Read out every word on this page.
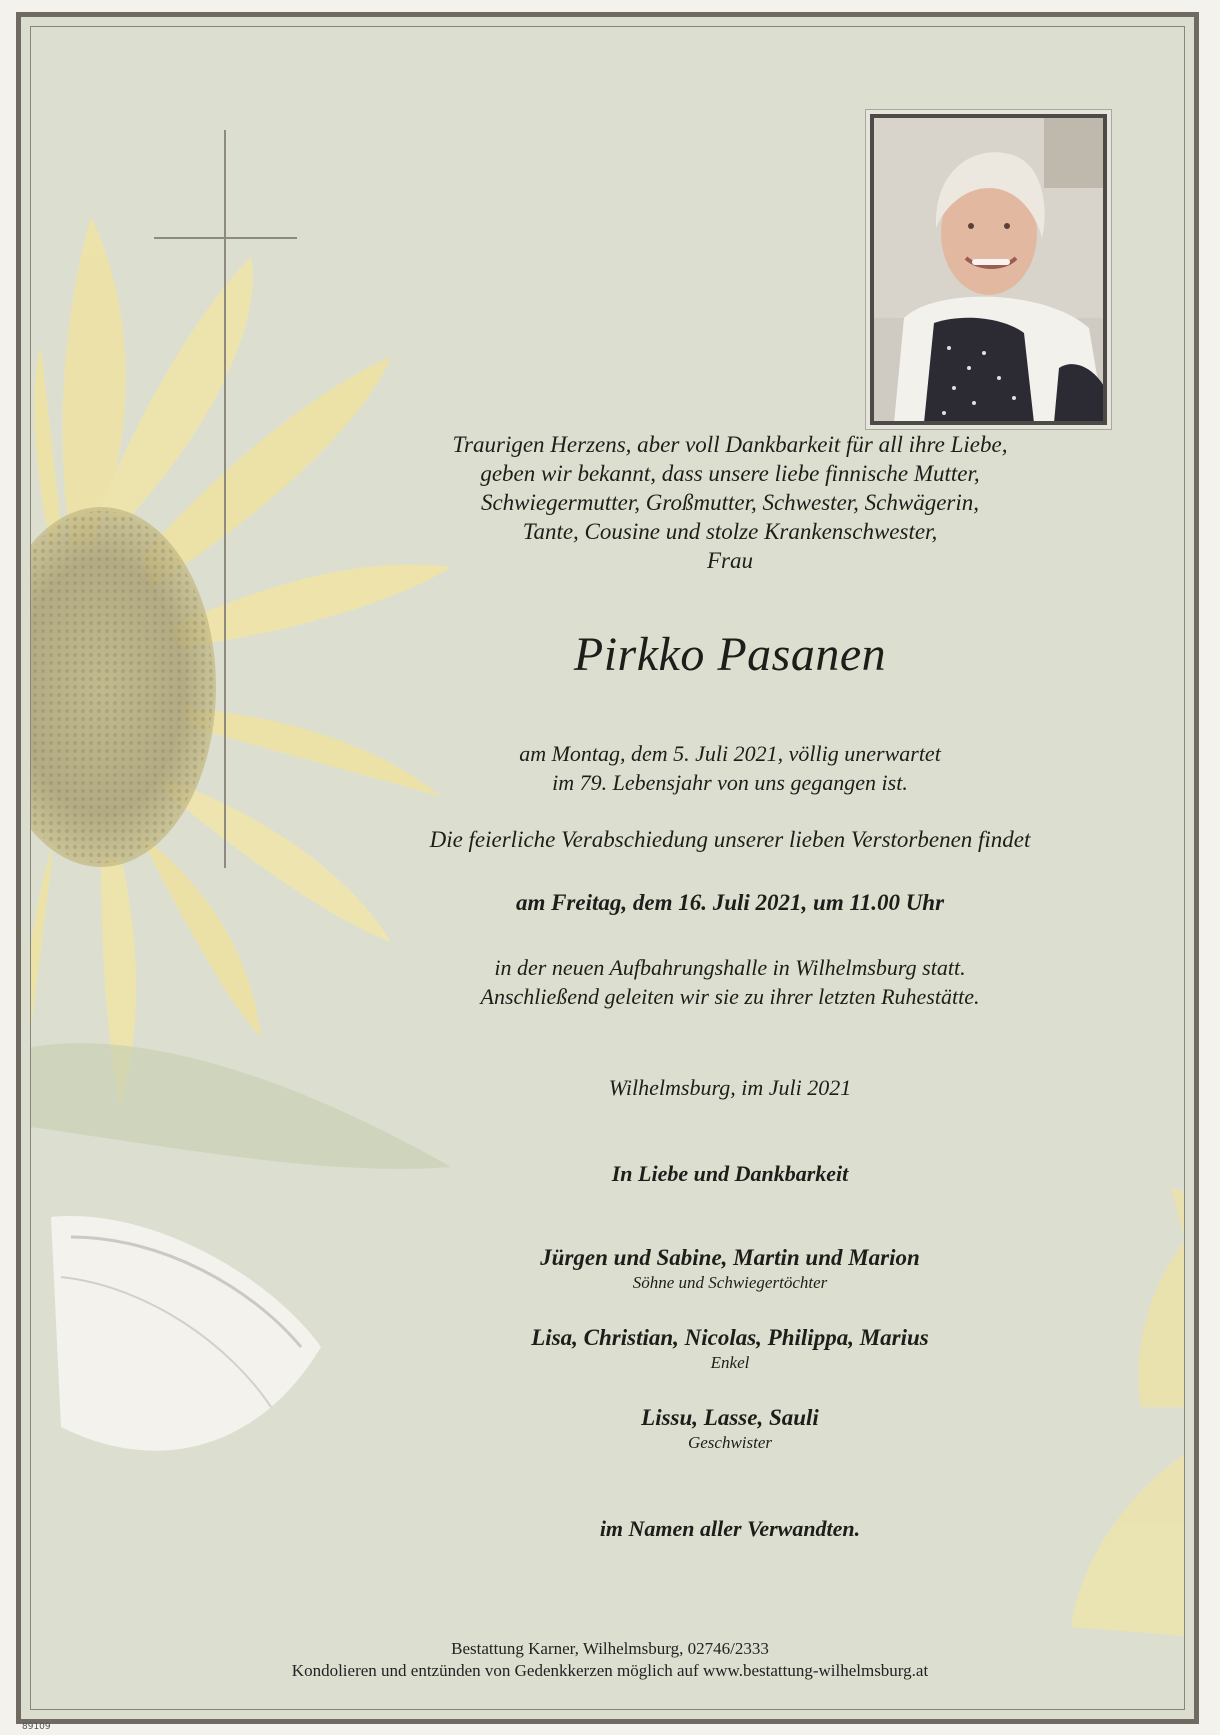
Traurigen Herzens, aber voll Dankbarkeit für all ihre Liebe,
geben wir bekannt, dass unsere liebe finnische Mutter,
Schwiegermutter, Großmutter, Schwester, Schwägerin,
Tante, Cousine und stolze Krankenschwester,
Frau
Pirkko Pasanen
am Montag, dem 5. Juli 2021, völlig unerwartet
im 79. Lebensjahr von uns gegangen ist.
Die feierliche Verabschiedung unserer lieben Verstorbenen findet
am Freitag, dem 16. Juli 2021, um 11.00 Uhr
in der neuen Aufbahrungshalle in Wilhelmsburg statt.
Anschließend geleiten wir sie zu ihrer letzten Ruhestätte.
Wilhelmsburg, im Juli 2021
In Liebe und Dankbarkeit
Jürgen und Sabine, Martin und Marion
Söhne und Schwiegertöchter
Lisa, Christian, Nicolas, Philippa, Marius
Enkel
Lissu, Lasse, Sauli
Geschwister
im Namen aller Verwandten.

Bestattung Karner, Wilhelmsburg, 02746/2333

Kondolieren und entzünden von Gedenkkerzen möglich auf www.bestattung-wilhelmsburg.at

89109
